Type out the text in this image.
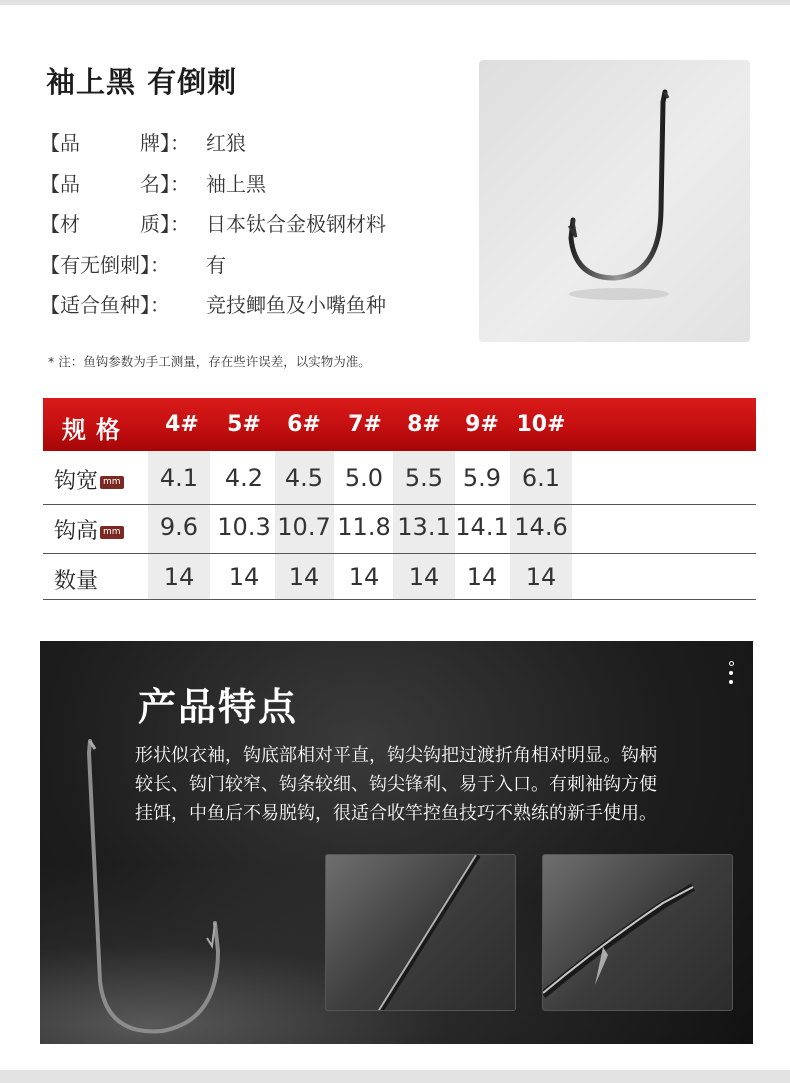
袖上黑 有倒刺
【品　　　牌】： 红狼
【品　　　名】： 袖上黑
【材　　　质】： 日本钛合金极钢材料
【有无倒刺】：	有
【适合鱼种】：	竞技鲫鱼及小嘴鱼种
* 注：鱼钩参数为手工测量，存在些许误差，以实物为准。
规格	4#	5#	6#	7#	8#	9# 10#
钩宽 mm	4.1	4.2 4.5 5.0 5.5 5.9 6.1
钩高 mm	9.6 10.3 10.7 11.8 13.1 14.1 14.6
数量	14	14	14	14	14	14	14
产品特点
形状似衣袖，钩底部相对平直，钩尖钩把过渡折角相对明显。钩柄
较长、钩门较窄、钩条较细、钩尖锋利、易于入口。有刺袖钩方便
挂饵，中鱼后不易脱钩，很适合收竿控鱼技巧不熟练的新手使用。
